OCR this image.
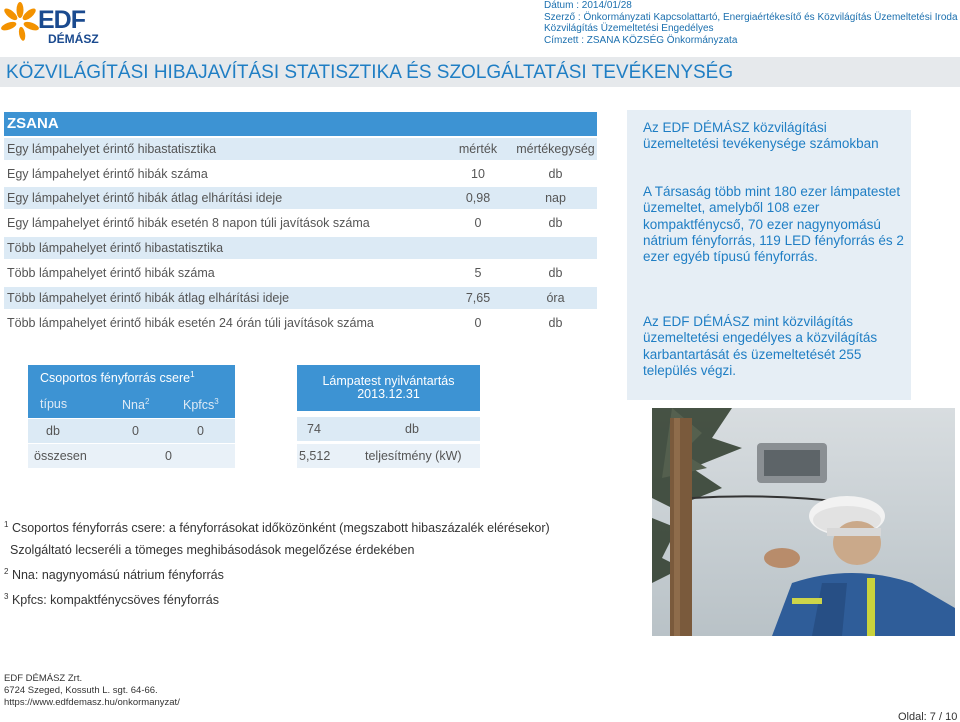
Dátum : 2014/01/28
Szerző : Önkormányzati Kapcsolattartó, Energiaértékesítő és Közvilágítás Üzemeltetési Iroda
Közvilágítás Üzemeltetési Engedélyes
Címzett : ZSANA KÖZSÉG Önkormányzata
EDF
DÉMÁSZ
KÖZVILÁGÍTÁSI HIBAJAVÍTÁSI STATISZTIKA ÉS SZOLGÁLTATÁSI TEVÉKENYSÉG
ZSANA
Egy lámpahelyet érintő hibastatisztika	mérték	mértékegység
Egy lámpahelyet érintő hibák száma	10	db
Egy lámpahelyet érintő hibák átlag elhárítási ideje	0,98	nap
Egy lámpahelyet érintő hibák esetén 8 napon túli javítások száma	0	db
Több lámpahelyet érintő hibastatisztika
Több lámpahelyet érintő hibák száma	5	db
Több lámpahelyet érintő hibák átlag elhárítási ideje	7,65	óra
Több lámpahelyet érintő hibák esetén 24 órán túli javítások száma	0	db
Csoportos fényforrás csere$^1$
típus	Nna$^2$	Kpfcs$^3$
db	0	0
összesen	0
Lámpatest nyilvántartás
2013.12.31
74	db
5,512	teljesítmény (kW)

Az EDF DÉMÁSZ közvilágítási üzemeltetési tevékenysége számokban

A Társaság több mint 180 ezer lámpatestet üzemeltet, amelyből 108 ezer kompaktfénycső, 70 ezer nagynyomású nátrium fényforrás, 119 LED fényforrás és 2 ezer egyéb típusú fényforrás.

Az EDF DÉMÁSZ mint közvilágítás üzemeltetési engedélyes a közvilágítás karbantartását és üzemeltetését 255 település végzi.

$^1$ Csoportos fényforrás csere: a fényforrásokat időközönként (megszabott hibaszázalék elérésekor)
Szolgáltató lecseréli a tömeges meghibásodások megelőzése érdekében
$^2$ Nna: nagynyomású nátrium fényforrás
$^3$ Kpfcs: kompaktfénycsöves fényforrás
EDF DÉMÁSZ Zrt.
6724 Szeged, Kossuth L. sgt. 64-66.
https://www.edfdemasz.hu/onkormanyzat/
Oldal: 7 / 10
